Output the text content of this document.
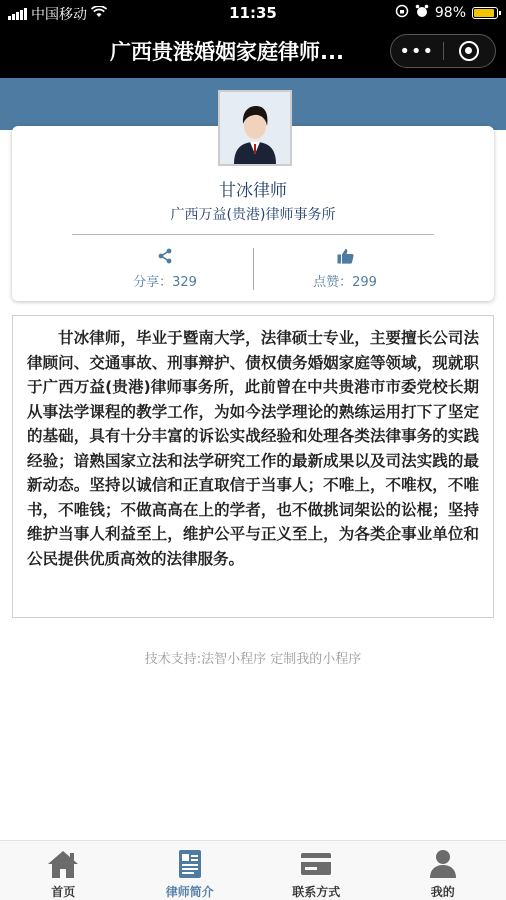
中国移动	11:35	98%
广西贵港婚姻家庭律师...	•••
甘冰律师
广西万益(贵港)律师事务所
分享：329	点赞：299

甘冰律师，毕业于暨南大学，法律硕士专业，主要擅长公司法律顾问、交通事故、刑事辩护、债权债务婚姻家庭等领域，现就职于广西万益(贵港)律师事务所，此前曾在中共贵港市市委党校长期从事法学课程的教学工作，为如今法学理论的熟练运用打下了坚定的基础，具有十分丰富的诉讼实战经验和处理各类法律事务的实践经验；谙熟国家立法和法学研究工作的最新成果以及司法实践的最新动态。坚持以诚信和正直取信于当事人；不唯上，不唯权，不唯书，不唯钱；不做高高在上的学者，也不做挑词架讼的讼棍；坚持维护当事人利益至上，维护公平与正义至上，为各类企事业单位和公民提供优质高效的法律服务。

技术支持:法智小程序 定制我的小程序
首页	律师简介	联系方式	我的
